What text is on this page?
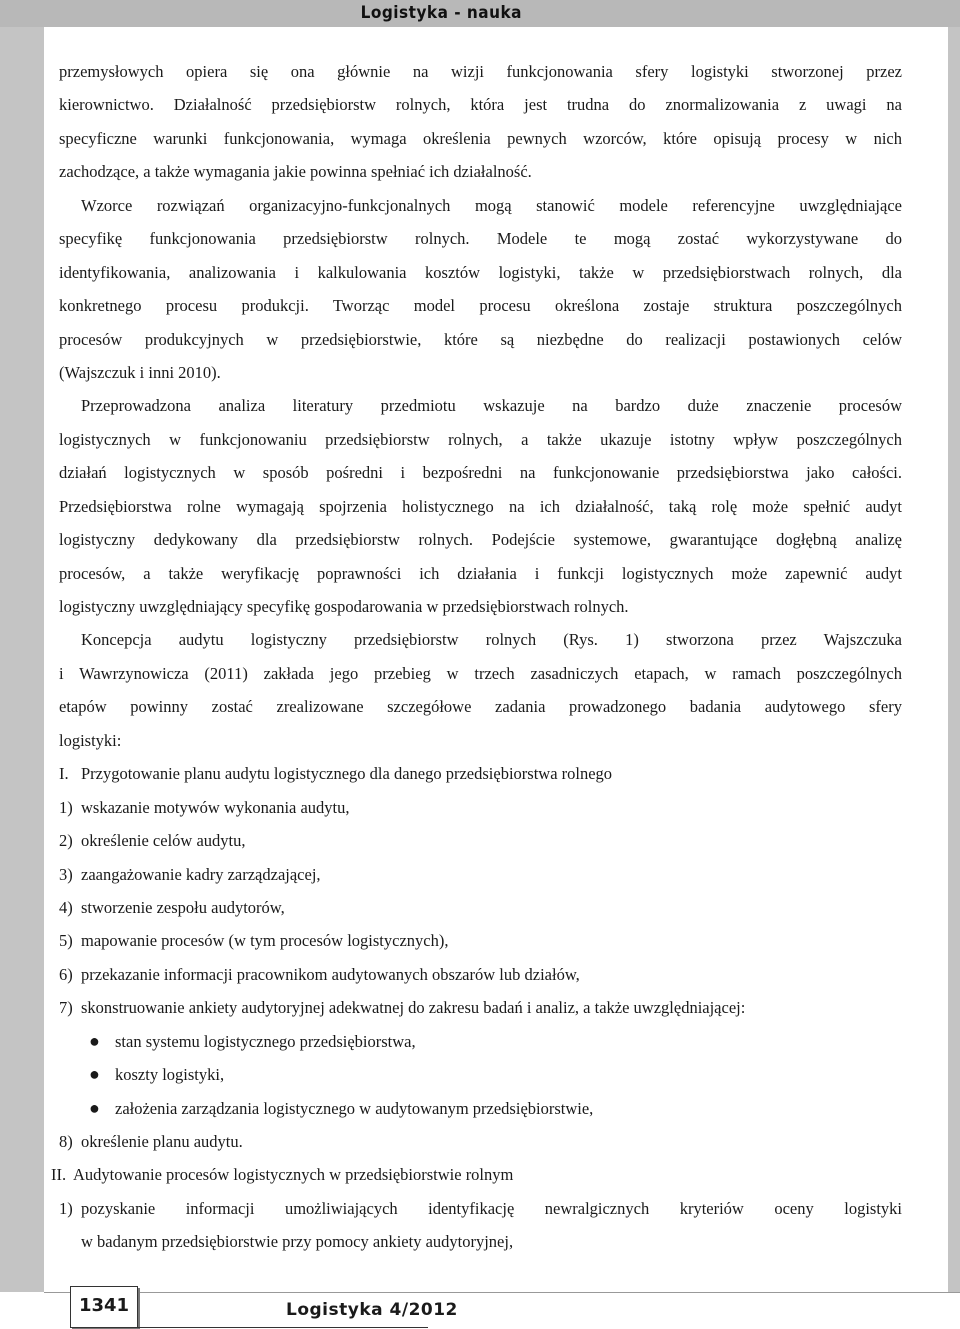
Logistyka - nauka
przemysłowych opiera się ona głównie na wizji funkcjonowania sfery logistyki stworzonej przez
kierownictwo. Działalność przedsiębiorstw rolnych, która jest trudna do znormalizowania z uwagi na
specyficzne warunki funkcjonowania, wymaga określenia pewnych wzorców, które opisują procesy w nich
zachodzące, a także wymagania jakie powinna spełniać ich działalność.
Wzorce rozwiązań organizacyjno-funkcjonalnych mogą stanowić modele referencyjne uwzględniające
specyfikę funkcjonowania przedsiębiorstw rolnych. Modele te mogą zostać wykorzystywane do
identyfikowania, analizowania i kalkulowania kosztów logistyki, także w przedsiębiorstwach rolnych, dla
konkretnego procesu produkcji. Tworząc model procesu określona zostaje struktura poszczególnych
procesów produkcyjnych w przedsiębiorstwie, które są niezbędne do realizacji postawionych celów
(Wajszczuk i inni 2010).
Przeprowadzona analiza literatury przedmiotu wskazuje na bardzo duże znaczenie procesów
logistycznych w funkcjonowaniu przedsiębiorstw rolnych, a także ukazuje istotny wpływ poszczególnych
działań logistycznych w sposób pośredni i bezpośredni na funkcjonowanie przedsiębiorstwa jako całości.
Przedsiębiorstwa rolne wymagają spojrzenia holistycznego na ich działalność, taką rolę może spełnić audyt
logistyczny dedykowany dla przedsiębiorstw rolnych. Podejście systemowe, gwarantujące dogłębną analizę
procesów, a także weryfikację poprawności ich działania i funkcji logistycznych może zapewnić audyt
logistyczny uwzględniający specyfikę gospodarowania w przedsiębiorstwach rolnych.
Koncepcja audytu logistyczny przedsiębiorstw rolnych (Rys. 1) stworzona przez Wajszczuka
i Wawrzynowicza (2011) zakłada jego przebieg w trzech zasadniczych etapach, w ramach poszczególnych
etapów powinny zostać zrealizowane szczegółowe zadania prowadzonego badania audytowego sfery
logistyki:
I. Przygotowanie planu audytu logistycznego dla danego przedsiębiorstwa rolnego
1) wskazanie motywów wykonania audytu,
2) określenie celów audytu,
3) zaangażowanie kadry zarządzającej,
4) stworzenie zespołu audytorów,
5) mapowanie procesów (w tym procesów logistycznych),
6) przekazanie informacji pracownikom audytowanych obszarów lub działów,
7) skonstruowanie ankiety audytoryjnej adekwatnej do zakresu badań i analiz, a także uwzględniającej:
● stan systemu logistycznego przedsiębiorstwa,
● koszty logistyki,
● założenia zarządzania logistycznego w audytowanym przedsiębiorstwie,
8) określenie planu audytu.
II. Audytowanie procesów logistycznych w przedsiębiorstwie rolnym
1) pozyskanie informacji umożliwiających identyfikację newralgicznych kryteriów oceny logistyki
w badanym przedsiębiorstwie przy pomocy ankiety audytoryjnej,
1341	Logistyka 4/2012
